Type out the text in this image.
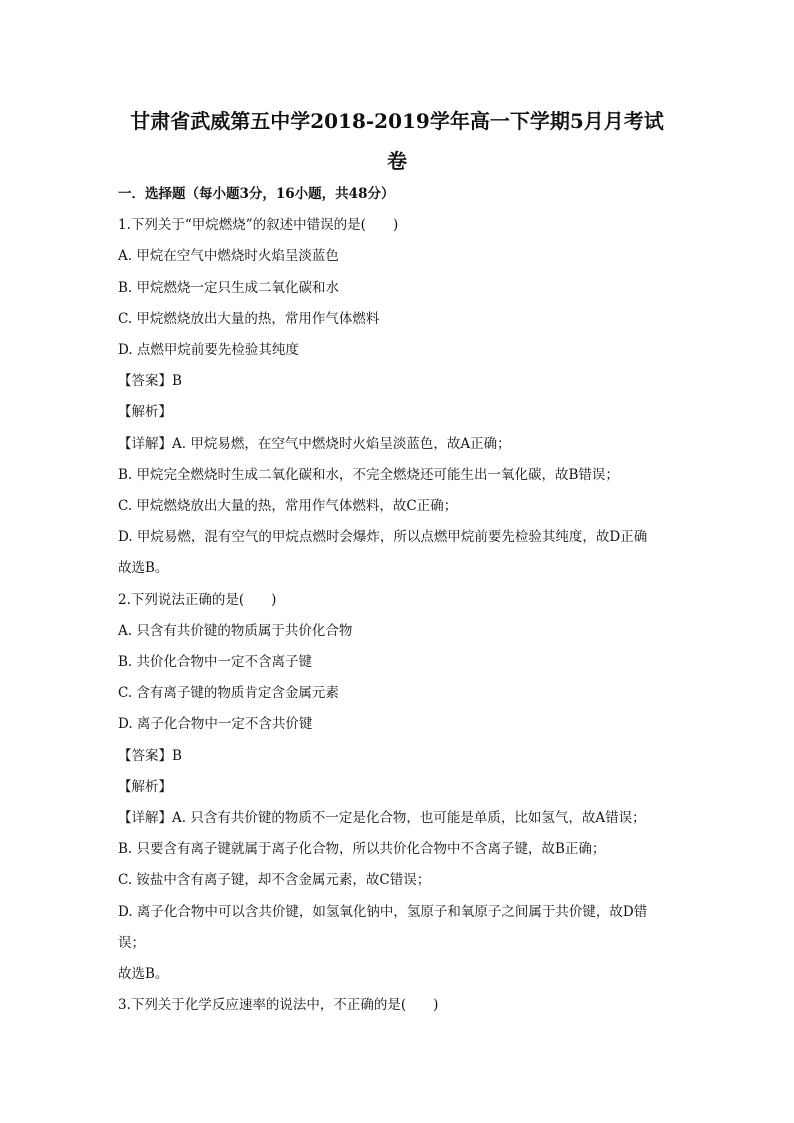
甘肃省武威第五中学2018-2019学年高一下学期5月月考试
卷
一．选择题（每小题3分，16小题，共48分）
1.下列关于“甲烷燃烧”的叙述中错误的是(　　)
A. 甲烷在空气中燃烧时火焰呈淡蓝色
B. 甲烷燃烧一定只生成二氧化碳和水
C. 甲烷燃烧放出大量的热，常用作气体燃料
D. 点燃甲烷前要先检验其纯度
【答案】B
【解析】
【详解】A. 甲烷易燃，在空气中燃烧时火焰呈淡蓝色，故A正确；
B. 甲烷完全燃烧时生成二氧化碳和水，不完全燃烧还可能生出一氧化碳，故B错误；
C. 甲烷燃烧放出大量的热，常用作气体燃料，故C正确；
D. 甲烷易燃，混有空气的甲烷点燃时会爆炸，所以点燃甲烷前要先检验其纯度，故D正确
故选B。
2.下列说法正确的是(　　)
A. 只含有共价键的物质属于共价化合物
B. 共价化合物中一定不含离子键
C. 含有离子键的物质肯定含金属元素
D. 离子化合物中一定不含共价键
【答案】B
【解析】
【详解】A. 只含有共价键的物质不一定是化合物，也可能是单质，比如氢气，故A错误；
B. 只要含有离子键就属于离子化合物，所以共价化合物中不含离子键，故B正确；
C. 铵盐中含有离子键，却不含金属元素，故C错误；
D. 离子化合物中可以含共价键，如氢氧化钠中，氢原子和氧原子之间属于共价键，故D错
误；
故选B。
3.下列关于化学反应速率的说法中，不正确的是(　　)
